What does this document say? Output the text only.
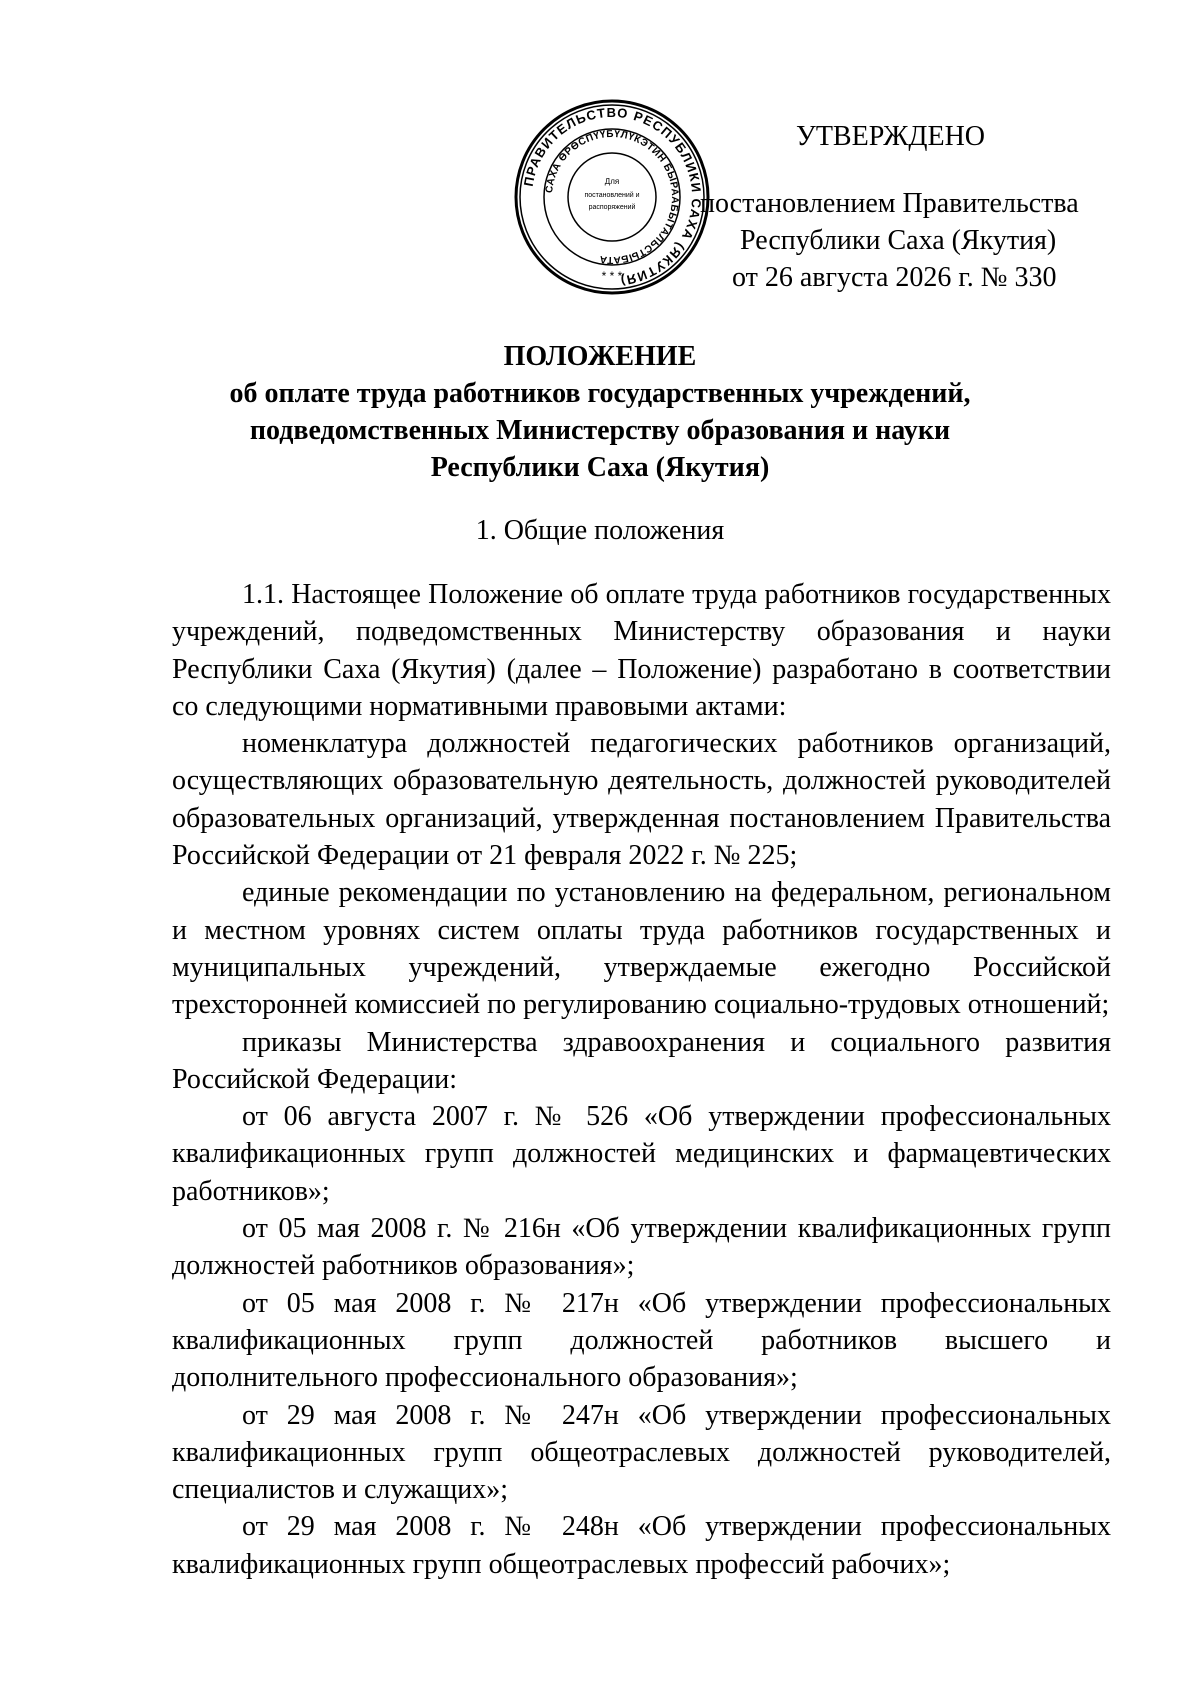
ПРАВИТЕЛЬСТВО РЕСПУБЛИКИ САХА (ЯКУТИЯ)
САХА ӨРӨСПҮҮБҮЛҮКЭТИН БЫРААБЫТАЛЬСТЫБАТА
Для
постановлений и
распоряжений
* * *
УТВЕРЖДЕНО
постановлением Правительства
Республики Саха (Якутия)
от 26 августа 2026 г. № 330
ПОЛОЖЕНИЕ
об оплате труда работников государственных учреждений,
подведомственных Министерству образования и науки
Республики Саха (Якутия)
1. Общие положения

1.1. Настоящее Положение об оплате труда работников государственных учреждений, подведомственных Министерству образования и науки Республики Саха (Якутия) (далее – Положение) разработано в соответствии со следующими нормативными правовыми актами:

номенклатура должностей педагогических работников организаций, осуществляющих образовательную деятельность, должностей руководителей образовательных организаций, утвержденная постановлением Правительства Российской Федерации от 21 февраля 2022 г. № 225;

единые рекомендации по установлению на федеральном, региональном и местном уровнях систем оплаты труда работников государственных и муниципальных учреждений, утверждаемые ежегодно Российской трехсторонней комиссией по регулированию социально-трудовых отношений;

приказы Министерства здравоохранения и социального развития Российской Федерации:

от 06 августа 2007 г. № 526 «Об утверждении профессиональных квалификационных групп должностей медицинских и фармацевтических работников»;

от 05 мая 2008 г. № 216н «Об утверждении квалификационных групп должностей работников образования»;

от 05 мая 2008 г. № 217н «Об утверждении профессиональных квалификационных групп должностей работников высшего и дополнительного профессионального образования»;

от 29 мая 2008 г. № 247н «Об утверждении профессиональных квалификационных групп общеотраслевых должностей руководителей, специалистов и служащих»;

от 29 мая 2008 г. № 248н «Об утверждении профессиональных квалификационных групп общеотраслевых профессий рабочих»;
